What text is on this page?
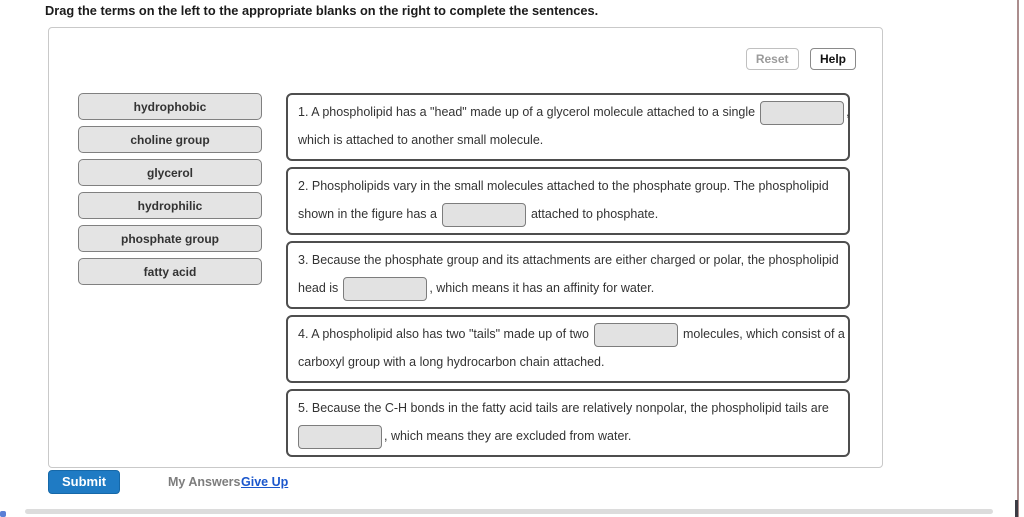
Drag the terms on the left to the appropriate blanks on the right to complete the sentences.
Reset	Help
hydrophobic
choline group
glycerol
hydrophilic
phosphate group
fatty acid
1. A phospholipid has a "head" made up of a glycerol molecule attached to a single	,
which is attached to another small molecule.
2. Phospholipids vary in the small molecules attached to the phosphate group. The phospholipid
shown in the figure has a	attached to phosphate.
3. Because the phosphate group and its attachments are either charged or polar, the phospholipid
head is	, which means it has an affinity for water.
4. A phospholipid also has two "tails" made up of two	molecules, which consist of a
carboxyl group with a long hydrocarbon chain attached.
5. Because the C-H bonds in the fatty acid tails are relatively nonpolar, the phospholipid tails are
, which means they are excluded from water.
Submit	My Answers Give Up
